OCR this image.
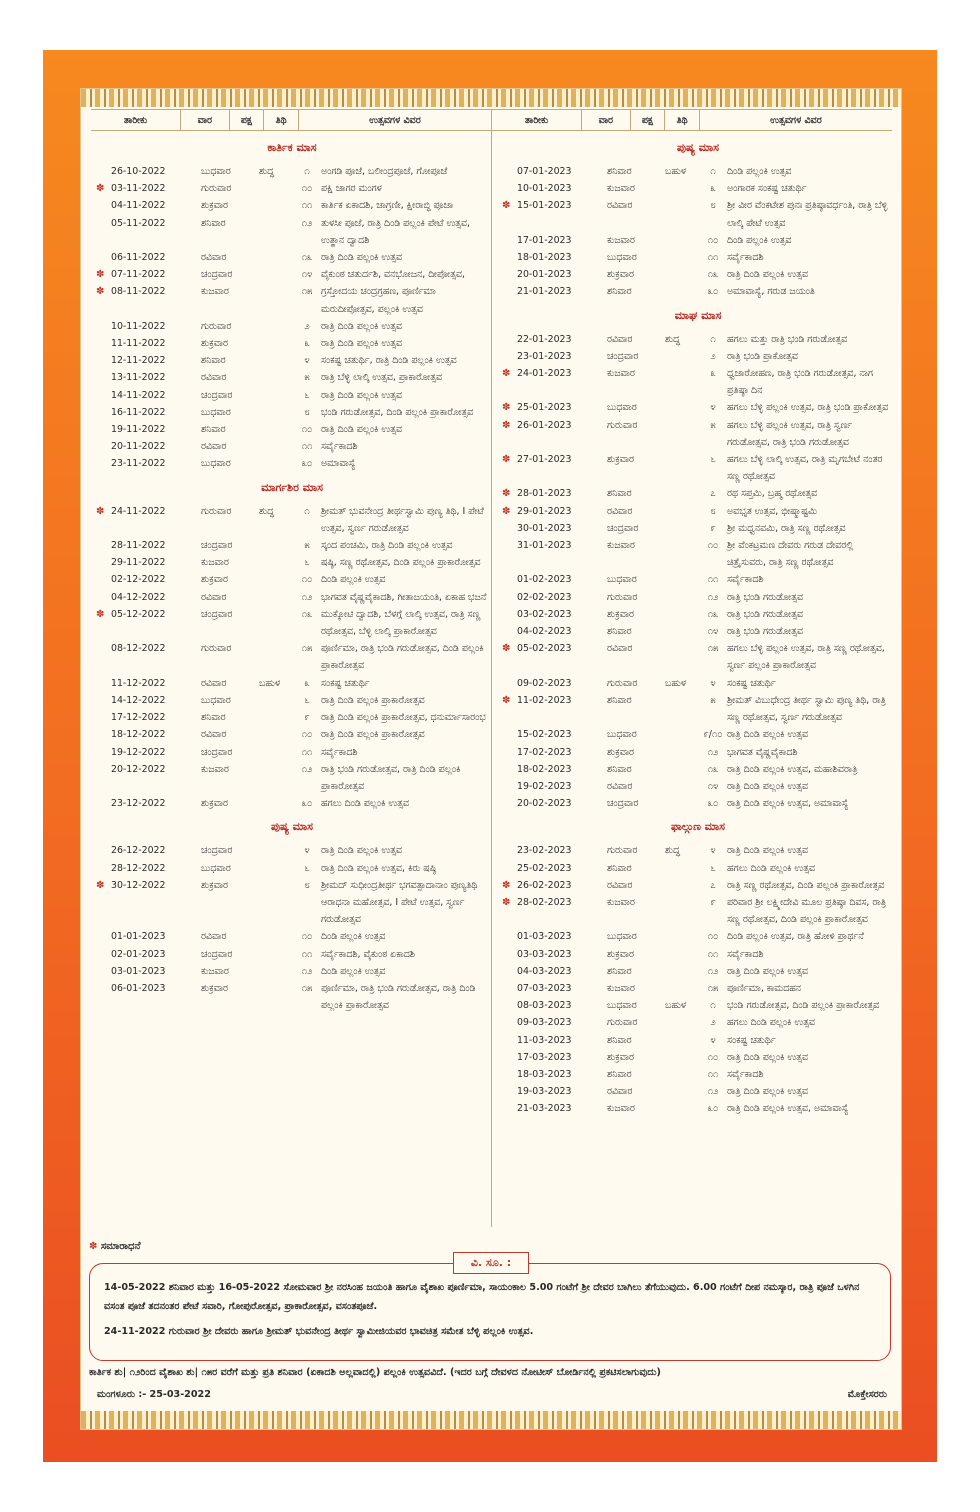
ತಾರೀಕು	ವಾರ	ಪಕ್ಷ	ತಿಥಿ	ಉತ್ಸವಗಳ ವಿವರ	ತಾರೀಕು	ವಾರ	ಪಕ್ಷ	ತಿಥಿ	ಉತ್ಸವಗಳ ವಿವರ
ಕಾರ್ತಿಕ ಮಾಸ
26-10-2022	ಬುಧವಾರ	ಶುದ್ಧ	೧	ಅಂಗಡಿ ಪೂಜೆ, ಬಲೀಂದ್ರಪೂಜೆ, ಗೋಪೂಜೆ
✽ 03-11-2022	ಗುರುವಾರ	೧೦ ಪಕ್ಷಿ ಜಾಗರ ಮಂಗಳ
04-11-2022	ಶುಕ್ರವಾರ	೧೧ ಕಾರ್ತಿಕ ಏಕಾದಶಿ, ಜಾಗ್ರಣೀ, ಕ್ಷೀರಾಬ್ಧಿ ಪೂಜಾ
05-11-2022	ಶನಿವಾರ	೧೨ ತುಳಸೀ ಪೂಜೆ, ರಾತ್ರಿ ದಿಂಡಿ ಪಲ್ಲಂಕಿ ಪೇಟೆ ಉತ್ಸವ, ಉತ್ಥಾನ ದ್ವಾದಶಿ
06-11-2022	ರವಿವಾರ	೧೩ ರಾತ್ರಿ ದಿಂಡಿ ಪಲ್ಲಂಕಿ ಉತ್ಸವ
✽ 07-11-2022	ಚಂದ್ರವಾರ	೧೪ ವೈಕುಂಠ ಚತುರ್ದಶಿ, ವನಭೋಜನ, ದೀಪೋತ್ಸವ,
✽ 08-11-2022	ಕುಜವಾರ	೧೫ ಗ್ರಸ್ತೋದಯ ಚಂದ್ರಗ್ರಹಣ, ಪೂರ್ಣಿಮಾ ಮರುದೀಪೋತ್ಸವ, ಪಲ್ಲಂಕಿ ಉತ್ಸವ
10-11-2022	ಗುರುವಾರ	೨	ರಾತ್ರಿ ದಿಂಡಿ ಪಲ್ಲಂಕಿ ಉತ್ಸವ
11-11-2022	ಶುಕ್ರವಾರ	೩	ರಾತ್ರಿ ದಿಂಡಿ ಪಲ್ಲಂಕಿ ಉತ್ಸವ
12-11-2022	ಶನಿವಾರ	೪	ಸಂಕಷ್ಟ ಚತುರ್ಥಿ, ರಾತ್ರಿ ದಿಂಡಿ ಪಲ್ಲಂಕಿ ಉತ್ಸವ
13-11-2022	ರವಿವಾರ	೫	ರಾತ್ರಿ ಬೆಳ್ಳಿ ಲಾಲ್ಕಿ ಉತ್ಸವ, ಪ್ರಾಕಾರೋತ್ಸವ
14-11-2022	ಚಂದ್ರವಾರ	೬	ರಾತ್ರಿ ದಿಂಡಿ ಪಲ್ಲಂಕಿ ಉತ್ಸವ
16-11-2022	ಬುಧವಾರ	೮	ಭಂಡಿ ಗರುಡೋತ್ಸವ, ದಿಂಡಿ ಪಲ್ಲಂಕಿ ಪ್ರಾಕಾರೋತ್ಸವ
19-11-2022	ಶನಿವಾರ	೧೦ ರಾತ್ರಿ ದಿಂಡಿ ಪಲ್ಲಂಕಿ ಉತ್ಸವ
20-11-2022	ರವಿವಾರ	೧೧ ಸರ್ವೈಕಾದಶಿ
23-11-2022	ಬುಧವಾರ	೩೦ ಅಮಾವಾಸ್ಯೆ
ಮಾರ್ಗಶಿರ ಮಾಸ
✽ 24-11-2022	ಗುರುವಾರ	ಶುದ್ಧ	೧	ಶ್ರೀಮತ್ ಭುವನೇಂದ್ರ ತೀರ್ಥಸ್ವಾಮಿ ಪುಣ್ಯ ತಿಥಿ, I ಪೇಟೆ ಉತ್ಸವ, ಸ್ವರ್ಣ ಗರುಡೋತ್ಸವ
28-11-2022	ಚಂದ್ರವಾರ	೫	ಸ್ಕಂದ ಪಂಚಮಿ, ರಾತ್ರಿ ದಿಂಡಿ ಪಲ್ಲಂಕಿ ಉತ್ಸವ
29-11-2022	ಕುಜವಾರ	೬	ಷಷ್ಠಿ, ಸಣ್ಣ ರಥೋತ್ಸವ, ದಿಂಡಿ ಪಲ್ಲಂಕಿ ಪ್ರಾಕಾರೋತ್ಸವ
02-12-2022	ಶುಕ್ರವಾರ	೧೦ ದಿಂಡಿ ಪಲ್ಲಂಕಿ ಉತ್ಸವ
04-12-2022	ರವಿವಾರ	೧೨ ಭಾಗವತ ವೈಷ್ಣವೈಕಾದಶಿ, ಗೀತಾಜಯಂತಿ, ಏಕಾಹ ಭಜನೆ
✽ 05-12-2022	ಚಂದ್ರವಾರ	೧೩ ಮುಕ್ಕೋಟಿ ದ್ವಾದಶಿ, ಬೆಳಗ್ಗೆ ಲಾಲ್ಕಿ ಉತ್ಸವ, ರಾತ್ರಿ ಸಣ್ಣ ರಥೋತ್ಸವ, ಬೆಳ್ಳಿ ಲಾಲ್ಕಿ ಪ್ರಾಕಾರೋತ್ಸವ
08-12-2022	ಗುರುವಾರ	೧೫ ಪೂರ್ಣಿಮಾ, ರಾತ್ರಿ ಭಂಡಿ ಗರುಡೋತ್ಸವ, ದಿಂಡಿ ಪಲ್ಲಂಕಿ ಪ್ರಾಕಾರೋತ್ಸವ
11-12-2022	ರವಿವಾರ	ಬಹುಳ	೩	ಸಂಕಷ್ಟ ಚತುರ್ಥಿ
14-12-2022	ಬುಧವಾರ	೬	ರಾತ್ರಿ ದಿಂಡಿ ಪಲ್ಲಂಕಿ ಪ್ರಾಕಾರೋತ್ಸವ
17-12-2022	ಶನಿವಾರ	೯	ರಾತ್ರಿ ದಿಂಡಿ ಪಲ್ಲಂಕಿ ಪ್ರಾಕಾರೋತ್ಸವ, ಧನುರ್ಮಾಸಾರಂಭ
18-12-2022	ರವಿವಾರ	೧೦ ರಾತ್ರಿ ದಿಂಡಿ ಪಲ್ಲಂಕಿ ಪ್ರಾಕಾರೋತ್ಸವ
19-12-2022	ಚಂದ್ರವಾರ	೧೧ ಸರ್ವೈಕಾದಶಿ
20-12-2022	ಕುಜವಾರ	೧೨ ರಾತ್ರಿ ಭಂಡಿ ಗರುಡೋತ್ಸವ, ರಾತ್ರಿ ದಿಂಡಿ ಪಲ್ಲಂಕಿ ಪ್ರಾಕಾರೋತ್ಸವ
23-12-2022	ಶುಕ್ರವಾರ	೩೦ ಹಗಲು ದಿಂಡಿ ಪಲ್ಲಂಕಿ ಉತ್ಸವ
ಪುಷ್ಯ ಮಾಸ
26-12-2022	ಚಂದ್ರವಾರ	೪	ರಾತ್ರಿ ದಿಂಡಿ ಪಲ್ಲಂಕಿ ಉತ್ಸವ
28-12-2022	ಬುಧವಾರ	೬	ರಾತ್ರಿ ದಿಂಡಿ ಪಲ್ಲಂಕಿ ಉತ್ಸವ, ಕಿರು ಷಷ್ಠಿ
✽ 30-12-2022	ಶುಕ್ರವಾರ	೮	ಶ್ರೀಮದ್ ಸುಧೀಂದ್ರತೀರ್ಥ ಭಗವತ್ಪಾದಾನಾಂ ಪುಣ್ಯತಿಥಿ ಆರಾಧನಾ ಮಹೋತ್ಸವ, I ಪೇಟೆ ಉತ್ಸವ, ಸ್ವರ್ಣ ಗರುಡೋತ್ಸವ
01-01-2023	ರವಿವಾರ	೧೦ ದಿಂಡಿ ಪಲ್ಲಂಕಿ ಉತ್ಸವ
02-01-2023	ಚಂದ್ರವಾರ	೧೧ ಸರ್ವೈಕಾದಶಿ, ವೈಕುಂಠ ಏಕಾದಶಿ
03-01-2023	ಕುಜವಾರ	೧೨ ದಿಂಡಿ ಪಲ್ಲಂಕಿ ಉತ್ಸವ
06-01-2023	ಶುಕ್ರವಾರ	೧೫ ಪೂರ್ಣಿಮಾ, ರಾತ್ರಿ ಭಂಡಿ ಗರುಡೋತ್ಸವ, ರಾತ್ರಿ ದಿಂಡಿ ಪಲ್ಲಂಕಿ ಪ್ರಾಕಾರೋತ್ಸವ
ಪುಷ್ಯ ಮಾಸ
07-01-2023	ಶನಿವಾರ	ಬಹುಳ	೧	ದಿಂಡಿ ಪಲ್ಲಂಕಿ ಉತ್ಸವ
10-01-2023	ಕುಜವಾರ	೩	ಅಂಗಾರಕ ಸಂಕಷ್ಟ ಚತುರ್ಥಿ
✽ 15-01-2023	ರವಿವಾರ	೮	ಶ್ರೀ ವೀರ ವೆಂಕಟೇಶ ಪುನಃ ಪ್ರತಿಷ್ಠಾವರ್ಧಂತಿ, ರಾತ್ರಿ ಬೆಳ್ಳಿ ಲಾಲ್ಕಿ ಪೇಟೆ ಉತ್ಸವ
17-01-2023	ಕುಜವಾರ	೧೦ ದಿಂಡಿ ಪಲ್ಲಂಕಿ ಉತ್ಸವ
18-01-2023	ಬುಧವಾರ	೧೧ ಸರ್ವೈಕಾದಶಿ
20-01-2023	ಶುಕ್ರವಾರ	೧೩ ರಾತ್ರಿ ದಿಂಡಿ ಪಲ್ಲಂಕಿ ಉತ್ಸವ
21-01-2023	ಶನಿವಾರ	೩೦ ಅಮಾವಾಸ್ಯೆ, ಗರುಡ ಜಯಂತಿ
ಮಾಘ ಮಾಸ
22-01-2023	ರವಿವಾರ	ಶುದ್ಧ	೧	ಹಗಲು ಮತ್ತು ರಾತ್ರಿ ಭಂಡಿ ಗರುಡೋತ್ಸವ
23-01-2023	ಚಂದ್ರವಾರ	೨	ರಾತ್ರಿ ಭಂಡಿ ಪ್ರಾಕೋತ್ಸವ
✽ 24-01-2023	ಕುಜವಾರ	೩	ಧ್ವಜಾರೋಹಣ, ರಾತ್ರಿ ಭಂಡಿ ಗರುಡೋತ್ಸವ, ನಾಗ ಪ್ರತಿಷ್ಠಾ ದಿನ
✽ 25-01-2023	ಬುಧವಾರ	೪	ಹಗಲು ಬೆಳ್ಳಿ ಪಲ್ಲಂಕಿ ಉತ್ಸವ, ರಾತ್ರಿ ಭಂಡಿ ಪ್ರಾಕೋತ್ಸವ
✽ 26-01-2023	ಗುರುವಾರ	೫	ಹಗಲು ಬೆಳ್ಳಿ ಪಲ್ಲಂಕಿ ಉತ್ಸವ, ರಾತ್ರಿ ಸ್ವರ್ಣ ಗರುಡೋತ್ಸವ, ರಾತ್ರಿ ಭಂಡಿ ಗರುಡೋತ್ಸವ
✽ 27-01-2023	ಶುಕ್ರವಾರ	೬	ಹಗಲು ಬೆಳ್ಳಿ ಲಾಲ್ಕಿ ಉತ್ಸವ, ರಾತ್ರಿ ಮೃಗಬೇಟೆ ನಂತರ ಸಣ್ಣ ರಥೋತ್ಸವ
✽ 28-01-2023	ಶನಿವಾರ	೭	ರಥ ಸಪ್ತಮಿ, ಬ್ರಹ್ಮ ರಥೋತ್ಸವ
✽ 29-01-2023	ರವಿವಾರ	೮	ಅವಭೃತ ಉತ್ಸವ, ಭೀಷ್ಮಾಷ್ಟಮಿ
30-01-2023	ಚಂದ್ರವಾರ	೯	ಶ್ರೀ ಮಧ್ವನವಮಿ, ರಾತ್ರಿ ಸಣ್ಣ ರಥೋತ್ಸವ
31-01-2023	ಕುಜವಾರ	೧೦ ಶ್ರೀ ವೆಂಕಟ್ರಮಣ ದೇವರು ಗರುಡ ದೇವರಲ್ಲಿ ಚಿತ್ರೈಸುವರು, ರಾತ್ರಿ ಸಣ್ಣ ರಥೋತ್ಸವ
01-02-2023	ಬುಧವಾರ	೧೧ ಸರ್ವೈಕಾದಶಿ
02-02-2023	ಗುರುವಾರ	೧೨ ರಾತ್ರಿ ಭಂಡಿ ಗರುಡೋತ್ಸವ
03-02-2023	ಶುಕ್ರವಾರ	೧೩ ರಾತ್ರಿ ಭಂಡಿ ಗರುಡೋತ್ಸವ
04-02-2023	ಶನಿವಾರ	೧೪ ರಾತ್ರಿ ಭಂಡಿ ಗರುಡೋತ್ಸವ
✽ 05-02-2023	ರವಿವಾರ	೧೫ ಹಗಲು ಬೆಳ್ಳಿ ಪಲ್ಲಂಕಿ ಉತ್ಸವ, ರಾತ್ರಿ ಸಣ್ಣ ರಥೋತ್ಸವ, ಸ್ವರ್ಣ ಪಲ್ಲಂಕಿ ಪ್ರಾಕಾರೋತ್ಸವ
09-02-2023	ಗುರುವಾರ	ಬಹುಳ	೪	ಸಂಕಷ್ಟ ಚತುರ್ಥಿ
✽ 11-02-2023	ಶನಿವಾರ	೫	ಶ್ರೀಮತ್ ವಿಬುಧೇಂದ್ರ ತೀರ್ಥ ಸ್ವಾಮಿ ಪುಣ್ಯ ತಿಥಿ, ರಾತ್ರಿ ಸಣ್ಣ ರಥೋತ್ಸವ, ಸ್ವರ್ಣ ಗರುಡೋತ್ಸವ
15-02-2023	ಬುಧವಾರ	೯/೧೦ ರಾತ್ರಿ ದಿಂಡಿ ಪಲ್ಲಂಕಿ ಉತ್ಸವ
17-02-2023	ಶುಕ್ರವಾರ	೧೨ ಭಾಗವತ ವೈಷ್ಣವೈಕಾದಶಿ
18-02-2023	ಶನಿವಾರ	೧೩ ರಾತ್ರಿ ದಿಂಡಿ ಪಲ್ಲಂಕಿ ಉತ್ಸವ, ಮಹಾಶಿವರಾತ್ರಿ
19-02-2023	ರವಿವಾರ	೧೪ ರಾತ್ರಿ ದಿಂಡಿ ಪಲ್ಲಂಕಿ ಉತ್ಸವ
20-02-2023	ಚಂದ್ರವಾರ	೩೦ ರಾತ್ರಿ ದಿಂಡಿ ಪಲ್ಲಂಕಿ ಉತ್ಸವ, ಅಮಾವಾಸ್ಯೆ
ಫಾಲ್ಗುಣ ಮಾಸ
23-02-2023	ಗುರುವಾರ	ಶುದ್ಧ	೪	ರಾತ್ರಿ ದಿಂಡಿ ಪಲ್ಲಂಕಿ ಉತ್ಸವ
25-02-2023	ಶನಿವಾರ	೬	ಹಗಲು ದಿಂಡಿ ಪಲ್ಲಂಕಿ ಉತ್ಸವ
✽ 26-02-2023	ರವಿವಾರ	೭	ರಾತ್ರಿ ಸಣ್ಣ ರಥೋತ್ಸವ, ದಿಂಡಿ ಪಲ್ಲಂಕಿ ಪ್ರಾಕಾರೋತ್ಸವ
✽ 28-02-2023	ಕುಜವಾರ	೯	ಪರಿವಾರ ಶ್ರೀ ಲಕ್ಷ್ಮೀದೇವಿ ಮೂಲ ಪ್ರತಿಷ್ಠಾ ದಿವಸ, ರಾತ್ರಿ ಸಣ್ಣ ರಥೋತ್ಸವ, ದಿಂಡಿ ಪಲ್ಲಂಕಿ ಪ್ರಾಕಾರೋತ್ಸವ
01-03-2023	ಬುಧವಾರ	೧೦ ದಿಂಡಿ ಪಲ್ಲಂಕಿ ಉತ್ಸವ, ರಾತ್ರಿ ಹೋಳಿ ಪ್ರಾರ್ಥನೆ
03-03-2023	ಶುಕ್ರವಾರ	೧೧ ಸರ್ವೈಕಾದಶಿ
04-03-2023	ಶನಿವಾರ	೧೨ ರಾತ್ರಿ ದಿಂಡಿ ಪಲ್ಲಂಕಿ ಉತ್ಸವ
07-03-2023	ಕುಜವಾರ	೧೫ ಪೂರ್ಣಿಮಾ, ಕಾಮದಹನ
08-03-2023	ಬುಧವಾರ	ಬಹುಳ	೧	ಭಂಡಿ ಗರುಡೋತ್ಸವ, ದಿಂಡಿ ಪಲ್ಲಂಕಿ ಪ್ರಾಕಾರೋತ್ಸವ
09-03-2023	ಗುರುವಾರ	೨	ಹಗಲು ದಿಂಡಿ ಪಲ್ಲಂಕಿ ಉತ್ಸವ
11-03-2023	ಶನಿವಾರ	೪	ಸಂಕಷ್ಟ ಚತುರ್ಥಿ
17-03-2023	ಶುಕ್ರವಾರ	೧೦ ರಾತ್ರಿ ದಿಂಡಿ ಪಲ್ಲಂಕಿ ಉತ್ಸವ
18-03-2023	ಶನಿವಾರ	೧೧ ಸರ್ವೈಕಾದಶಿ
19-03-2023	ರವಿವಾರ	೧೨ ರಾತ್ರಿ ದಿಂಡಿ ಪಲ್ಲಂಕಿ ಉತ್ಸವ
21-03-2023	ಕುಜವಾರ	೩೦ ರಾತ್ರಿ ದಿಂಡಿ ಪಲ್ಲಂಕಿ ಉತ್ಸವ, ಅಮಾವಾಸ್ಯೆ
✽ ಸಮಾರಾಧನೆ
ವಿ. ಸೂ. :

14-05-2022 ಶನಿವಾರ ಮತ್ತು 16-05-2022 ಸೋಮವಾರ ಶ್ರೀ ನರಸಿಂಹ ಜಯಂತಿ ಹಾಗೂ ವೈಶಾಖ ಪೂರ್ಣಿಮಾ, ಸಾಯಂಕಾಲ 5.00 ಗಂಟೆಗೆ ಶ್ರೀ ದೇವರ ಬಾಗಿಲು ತೆಗೆಯುವುದು. 6.00 ಗಂಟೆಗೆ ದೀಪ ನಮಸ್ಕಾರ, ರಾತ್ರಿ ಪೂಜೆ ಒಳಗಿನ ವಸಂತ ಪೂಜೆ ತದನಂತರ ಪೇಟೆ ಸವಾರಿ, ಗೋಪುರೋತ್ಸವ, ಪ್ರಾಕಾರೋತ್ಸವ, ವಸಂತಪೂಜೆ.

24-11-2022 ಗುರುವಾರ ಶ್ರೀ ದೇವರು ಹಾಗೂ ಶ್ರೀಮತ್ ಭುವನೇಂದ್ರ ತೀರ್ಥ ಸ್ವಾಮೀಜಿಯವರ ಭಾವಚಿತ್ರ ಸಮೇತ ಬೆಳ್ಳಿ ಪಲ್ಲಂಕಿ ಉತ್ಸವ.

ಕಾರ್ತಿಕ ಶು| ೧೨ರಿಂದ ವೈಶಾಖ ಶು| ೧೫ರ ವರೆಗೆ ಮತ್ತು ಪ್ರತಿ ಶನಿವಾರ (ಏಕಾದಶಿ ಅಲ್ಲವಾದಲ್ಲಿ) ಪಲ್ಲಂಕಿ ಉತ್ಸವವಿದೆ. (ಇದರ ಬಗ್ಗೆ ದೇವಳದ ನೋಟೀಸ್ ಬೋರ್ಡಿನಲ್ಲಿ ಪ್ರಕಟಿಸಲಾಗುವುದು)
ಮಂಗಳೂರು :- 25-03-2022	ಮೊಕ್ತೇಸರರು
